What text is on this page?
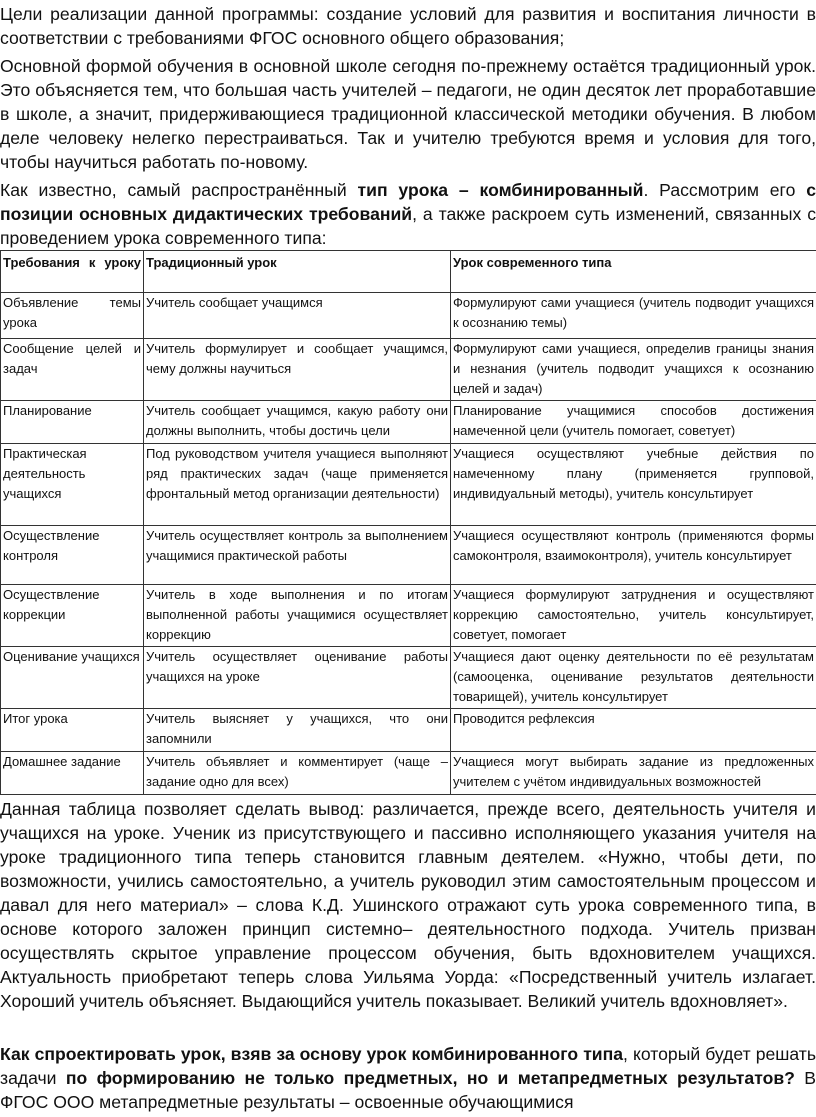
Цели реализации данной программы: создание условий для развития и воспитания личности в соответствии с требованиями ФГОС основного общего образования;

Основной формой обучения в основной школе сегодня по-прежнему остаётся традиционный урок. Это объясняется тем, что большая часть учителей – педагоги, не один десяток лет проработавшие в школе, а значит, придерживающиеся традиционной классической методики обучения. В любом деле человеку нелегко перестраиваться. Так и учителю требуются время и условия для того, чтобы научиться работать по-новому.

Как известно, самый распространённый тип урока – комбинированный. Рассмотрим его с позиции основных дидактических требований, а также раскроем суть изменений, связанных с проведением урока современного типа:

Требования к уроку	Традиционный урок	Урок современного типа
Объявление темы урока	Учитель сообщает учащимся	Формулируют сами учащиеся (учитель подводит учащихся к осознанию темы)
Сообщение целей и задач	Учитель формулирует и сообщает учащимся, чему должны научиться	Формулируют сами учащиеся, определив границы знания и незнания (учитель подводит учащихся к осознанию целей и задач)
Планирование	Учитель сообщает учащимся, какую работу они должны выполнить, чтобы достичь цели	Планирование учащимися способов достижения намеченной цели (учитель помогает, советует)
Практическая деятельность учащихся	Под руководством учителя учащиеся выполняют ряд практических задач (чаще применяется фронтальный метод организации деятельности)	Учащиеся осуществляют учебные действия по намеченному плану (применяется групповой, индивидуальный методы), учитель консультирует
Осуществление контроля	Учитель осуществляет контроль за выполнением учащимися практической работы	Учащиеся осуществляют контроль (применяются формы самоконтроля, взаимоконтроля), учитель консультирует
Осуществление коррекции	Учитель в ходе выполнения и по итогам выполненной работы учащимися осуществляет коррекцию	Учащиеся формулируют затруднения и осуществляют коррекцию самостоятельно, учитель консультирует, советует, помогает
Оценивание учащихся	Учитель осуществляет оценивание работы учащихся на уроке	Учащиеся дают оценку деятельности по её результатам (самооценка, оценивание результатов деятельности товарищей), учитель консультирует
Итог урока	Учитель выясняет у учащихся, что они запомнили	Проводится рефлексия
Домашнее задание	Учитель объявляет и комментирует (чаще – задание одно для всех)	Учащиеся могут выбирать задание из предложенных учителем с учётом индивидуальных возможностей

Данная таблица позволяет сделать вывод: различается, прежде всего, деятельность учителя и учащихся на уроке. Ученик из присутствующего и пассивно исполняющего указания учителя на уроке традиционного типа теперь становится главным деятелем. «Нужно, чтобы дети, по возможности, учились самостоятельно, а учитель руководил этим самостоятельным процессом и давал для него материал» – слова К.Д. Ушинского отражают суть урока современного типа, в основе которого заложен принцип системно– деятельностного подхода. Учитель призван осуществлять скрытое управление процессом обучения, быть вдохновителем учащихся. Актуальность приобретают теперь слова Уильяма Уорда: «Посредственный учитель излагает. Хороший учитель объясняет. Выдающийся учитель показывает. Великий учитель вдохновляет».

Как спроектировать урок, взяв за основу урок комбинированного типа, который будет решать задачи по формированию не только предметных, но и метапредметных результатов? В ФГОС ООО метапредметные результаты – освоенные обучающимися
